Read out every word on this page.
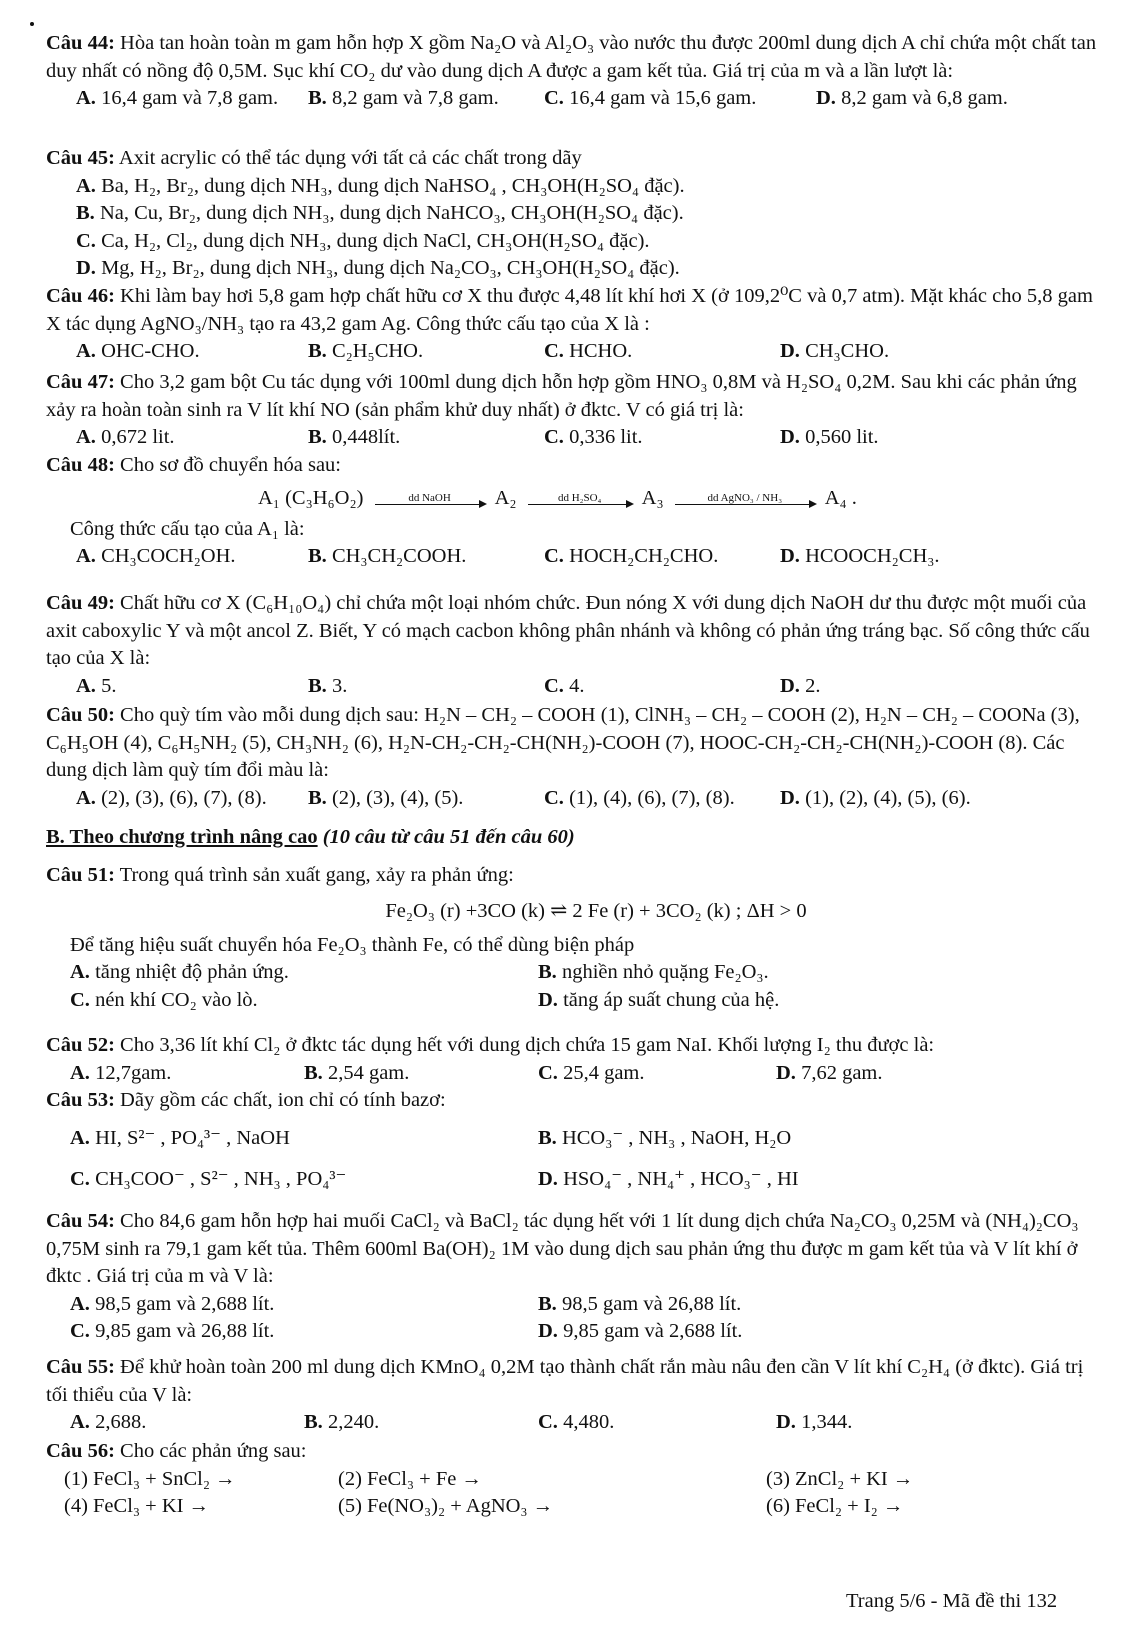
Câu 44: Hòa tan hoàn toàn m gam hỗn hợp X gồm Na₂O và Al₂O₃ vào nước thu được 200ml dung dịch A chỉ chứa một chất tan duy nhất có nồng độ 0,5M. Sục khí CO₂ dư vào dung dịch A được a gam kết tủa. Giá trị của m và a lần lượt là:

A. 16,4 gam và 7,8 gam. B. 8,2 gam và 7,8 gam. C. 16,4 gam và 15,6 gam.	D. 8,2 gam và 6,8 gam.

Câu 45: Axit acrylic có thể tác dụng với tất cả các chất trong dãy

A. Ba, H₂, Br₂, dung dịch NH₃, dung dịch NaHSO₄ , CH₃OH(H₂SO₄ đặc).

B. Na, Cu, Br₂, dung dịch NH₃, dung dịch NaHCO₃, CH₃OH(H₂SO₄ đặc).

C. Ca, H₂, Cl₂, dung dịch NH₃, dung dịch NaCl, CH₃OH(H₂SO₄ đặc).

D. Mg, H₂, Br₂, dung dịch NH₃, dung dịch Na₂CO₃, CH₃OH(H₂SO₄ đặc).

Câu 46: Khi làm bay hơi 5,8 gam hợp chất hữu cơ X thu được 4,48 lít khí hơi X (ở 109,2⁰C và 0,7 atm). Mặt khác cho 5,8 gam X tác dụng AgNO₃/NH₃ tạo ra 43,2 gam Ag. Công thức cấu tạo của X là :

A. OHC-CHO.	B. C₂H₅CHO.	C. HCHO.	D. CH₃CHO.

Câu 47: Cho 3,2 gam bột Cu tác dụng với 100ml dung dịch hỗn hợp gồm HNO₃ 0,8M và H₂SO₄ 0,2M. Sau khi các phản ứng xảy ra hoàn toàn sinh ra V lít khí NO (sản phẩm khử duy nhất) ở đktc. V có giá trị là:

A. 0,672 lit.	B. 0,448lít.	C. 0,336 lit.	D. 0,560 lit.

Câu 48: Cho sơ đồ chuyển hóa sau:

A₁ (C₃H₆O₂)	dd NaOH	A₂	dd H₂SO₄	A₃	dd AgNO₃ / NH₃	A₄ .

Công thức cấu tạo của A₁ là:

A. CH₃COCH₂OH.	B. CH₃CH₂COOH.	C. HOCH₂CH₂CHO.	D. HCOOCH₂CH₃.

Câu 49: Chất hữu cơ X (C₆H₁₀O₄) chỉ chứa một loại nhóm chức. Đun nóng X với dung dịch NaOH dư thu được một muối của axit caboxylic Y và một ancol Z. Biết, Y có mạch cacbon không phân nhánh và không có phản ứng tráng bạc. Số công thức cấu tạo của X là:

A. 5.	B. 3.	C. 4.	D. 2.

Câu 50: Cho quỳ tím vào mỗi dung dịch sau: H₂N – CH₂ – COOH (1), ClNH₃ – CH₂ – COOH (2), H₂N – CH₂ – COONa (3), C₆H₅OH (4), C₆H₅NH₂ (5), CH₃NH₂ (6), H₂N-CH₂-CH₂-CH(NH₂)-COOH (7), HOOC-CH₂-CH₂-CH(NH₂)-COOH (8). Các dung dịch làm quỳ tím đổi màu là:

A. (2), (3), (6), (7), (8). B. (2), (3), (4), (5).	C. (1), (4), (6), (7), (8). D. (1), (2), (4), (5), (6).
B. Theo chương trình nâng cao (10 câu từ câu 51 đến câu 60)

Câu 51: Trong quá trình sản xuất gang, xảy ra phản ứng:

Fe₂O₃ (r) +3CO (k) ⇌ 2 Fe (r) + 3CO₂ (k) ; ΔH > 0

Để tăng hiệu suất chuyển hóa Fe₂O₃ thành Fe, có thể dùng biện pháp

A. tăng nhiệt độ phản ứng.	B. nghiền nhỏ quặng Fe₂O₃.
C. nén khí CO₂ vào lò.	D. tăng áp suất chung của hệ.

Câu 52: Cho 3,36 lít khí Cl₂ ở đktc tác dụng hết với dung dịch chứa 15 gam NaI. Khối lượng I₂ thu được là:

A. 12,7gam.	B. 2,54 gam.	C. 25,4 gam.	D. 7,62 gam.

Câu 53: Dãy gồm các chất, ion chỉ có tính bazơ:

A. HI, S²⁻ , PO₄³⁻ , NaOH	B. HCO₃⁻ , NH₃ , NaOH, H₂O
C. CH₃COO⁻ , S²⁻ , NH₃ , PO₄³⁻	D. HSO₄⁻ , NH₄⁺ , HCO₃⁻ , HI

Câu 54: Cho 84,6 gam hỗn hợp hai muối CaCl₂ và BaCl₂ tác dụng hết với 1 lít dung dịch chứa Na₂CO₃ 0,25M và (NH₄)₂CO₃ 0,75M sinh ra 79,1 gam kết tủa. Thêm 600ml Ba(OH)₂ 1M vào dung dịch sau phản ứng thu được m gam kết tủa và V lít khí ở đktc . Giá trị của m và V là:

A. 98,5 gam và 2,688 lít.	B. 98,5 gam và 26,88 lít.
C. 9,85 gam và 26,88 lít.	D. 9,85 gam và 2,688 lít.

Câu 55: Để khử hoàn toàn 200 ml dung dịch KMnO₄ 0,2M tạo thành chất rắn màu nâu đen cần V lít khí C₂H₄ (ở đktc). Giá trị tối thiểu của V là:

A. 2,688.	B. 2,240.	C. 4,480.	D. 1,344.

Câu 56: Cho các phản ứng sau:

(1) FeCl₃ + SnCl₂ →	(2) FeCl₃ + Fe →	(3) ZnCl₂ + KI →
(4) FeCl₃ + KI →	(5) Fe(NO₃)₂ + AgNO₃ →	(6) FeCl₂ + I₂ →
Trang 5/6 - Mã đề thi 132
